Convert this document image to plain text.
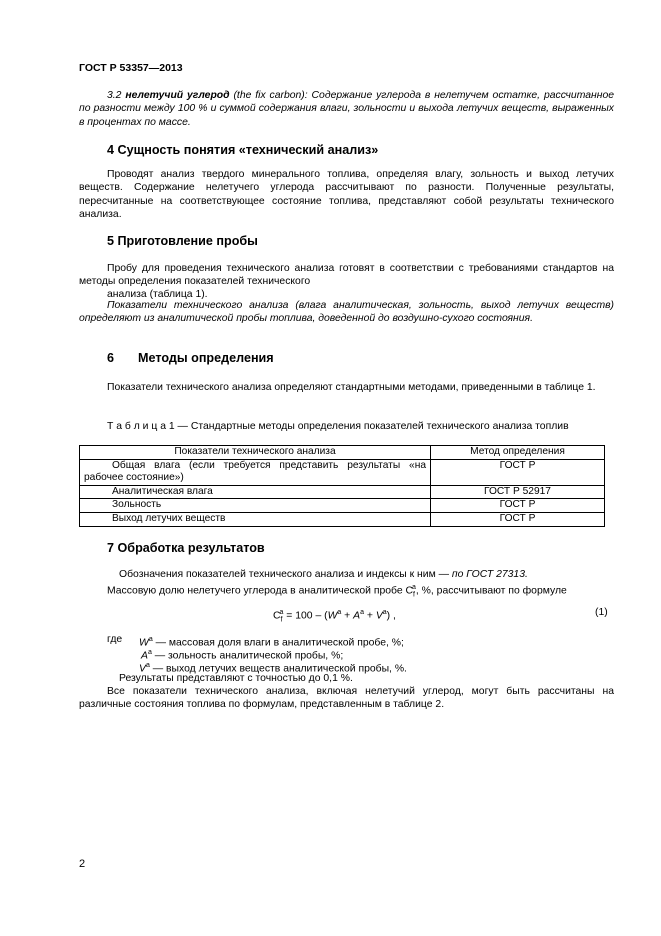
ГОСТ Р 53357—2013
3.2 нелетучий углерод (the fix carbon): Содержание углерода в нелетучем остатке, рассчитанное по разности между 100 % и суммой содержания влаги, зольности и выхода летучих веществ, выраженных в процентах по массе.
4 Сущность понятия «технический анализ»
Проводят анализ твердого минерального топлива, определяя влагу, зольность и выход летучих веществ. Содержание нелетучего углерода рассчитывают по разности. Полученные результаты, пересчитанные на соответствующее состояние топлива, представляют собой результаты технического анализа.
5 Приготовление пробы
Пробу для проведения технического анализа готовят в соответствии с требованиями стандартов на методы определения показателей технического
анализа (таблица 1).
Показатели технического анализа (влага аналитическая, зольность, выход летучих веществ) определяют из аналитической пробы топлива, доведенной до воздушно-сухого состояния.
6 Методы определения
Показатели технического анализа определяют стандартными методами, приведенными в таблице 1.
Т а б л и ц а 1 — Стандартные методы определения показателей технического анализа топлив
Показатели технического анализа	Метод определения
Общая влага (если требуется представить результаты «на рабочее состояние»)	ГОСТ Р
Аналитическая влага	ГОСТ Р 52917
Зольность	ГОСТ Р
Выход летучих веществ	ГОСТ Р
7 Обработка результатов
Обозначения показателей технического анализа и индексы к ним — по ГОСТ 27313.
Массовую долю нелетучего углерода в аналитической пробе $C_f^a$, %, рассчитывают по формуле
$C_f^a = 100 - (W^a + A^a + V^a)$ ,	(1)
где $W^a$ — массовая доля влаги в аналитической пробе, %;
$A^a$ — зольность аналитической пробы, %;
$V^a$ — выход летучих веществ аналитической пробы, %.
Результаты представляют с точностью до 0,1 %.
Все показатели технического анализа, включая нелетучий углерод, могут быть рассчитаны на различные состояния топлива по формулам, представленным в таблице 2.
2
